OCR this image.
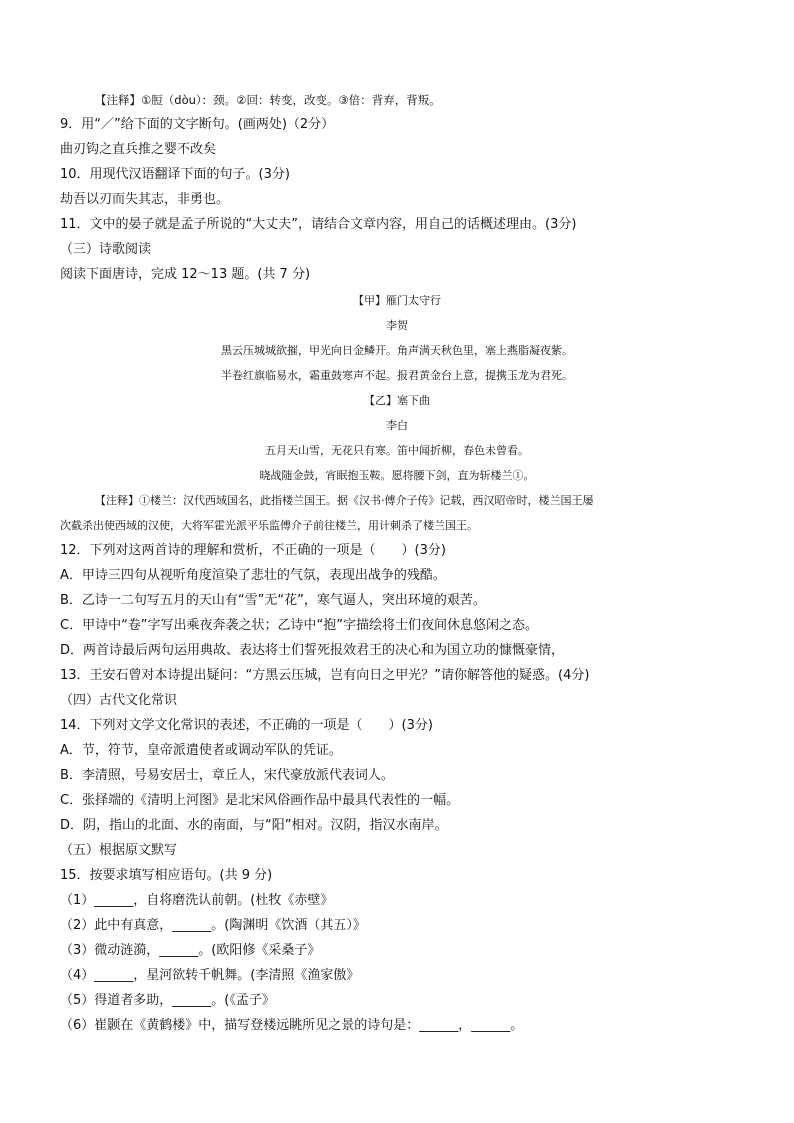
【注释】①脰（dòu）：颈。②回：转变，改变。③倍：背弃，背叛。
9．用“／”给下面的文字断句。(画两处)（2分）
曲刃钩之直兵推之婴不改矣
10．用现代汉语翻译下面的句子。(3分)
劫吾以刃而失其志，非勇也。
11．文中的晏子就是孟子所说的“大丈夫”，请结合文章内容，用自己的话概述理由。(3分)
（三）诗歌阅读
阅读下面唐诗，完成 12～13 题。(共 7 分)
【甲】雁门太守行
李贺
黑云压城城欲摧，甲光向日金鳞开。角声满天秋色里，塞上燕脂凝夜紫。
半卷红旗临易水，霜重鼓寒声不起。报君黄金台上意，提携玉龙为君死。
【乙】塞下曲
李白
五月天山雪，无花只有寒。笛中闻折柳，春色未曾看。
晓战随金鼓，宵眠抱玉鞍。愿将腰下剑，直为斩楼兰①。
【注释】①楼兰：汉代西域国名，此指楼兰国王。据《汉书·傅介子传》记载，西汉昭帝时，楼兰国王屡
次截杀出使西域的汉使，大将军霍光派平乐监傅介子前往楼兰，用计刺杀了楼兰国王。
12．下列对这两首诗的理解和赏析，不正确的一项是（　　）(3分)
A．甲诗三四句从视听角度渲染了悲壮的气氛，表现出战争的残酷。
B．乙诗一二句写五月的天山有“雪”无“花”，寒气逼人，突出环境的艰苦。
C．甲诗中“卷”字写出乘夜奔袭之状；乙诗中“抱”字描绘将士们夜间休息悠闲之态。
D．两首诗最后两句运用典故、表达将士们誓死报效君王的决心和为国立功的慷慨豪情，
13．王安石曾对本诗提出疑问：“方黑云压城，岂有向日之甲光？”请你解答他的疑惑。(4分)
（四）古代文化常识
14．下列对文学文化常识的表述，不正确的一项是（　　）(3分)
A．节，符节，皇帝派遣使者或调动军队的凭证。
B．李清照，号易安居士，章丘人，宋代豪放派代表词人。
C．张择端的《清明上河图》是北宋风俗画作品中最具代表性的一幅。
D．阴，指山的北面、水的南面，与“阳”相对。汉阴，指汉水南岸。
（五）根据原文默写
15．按要求填写相应语句。(共 9 分)
（1）______，自将磨洗认前朝。(杜牧《赤壁》
（2）此中有真意，______。(陶渊明《饮酒（其五）》
（3）微动涟漪，______。(欧阳修《采桑子》
（4）______，星河欲转千帆舞。(李清照《渔家傲》
（5）得道者多助，______。(《孟子》
（6）崔颢在《黄鹤楼》中，描写登楼远眺所见之景的诗句是：______，______。
